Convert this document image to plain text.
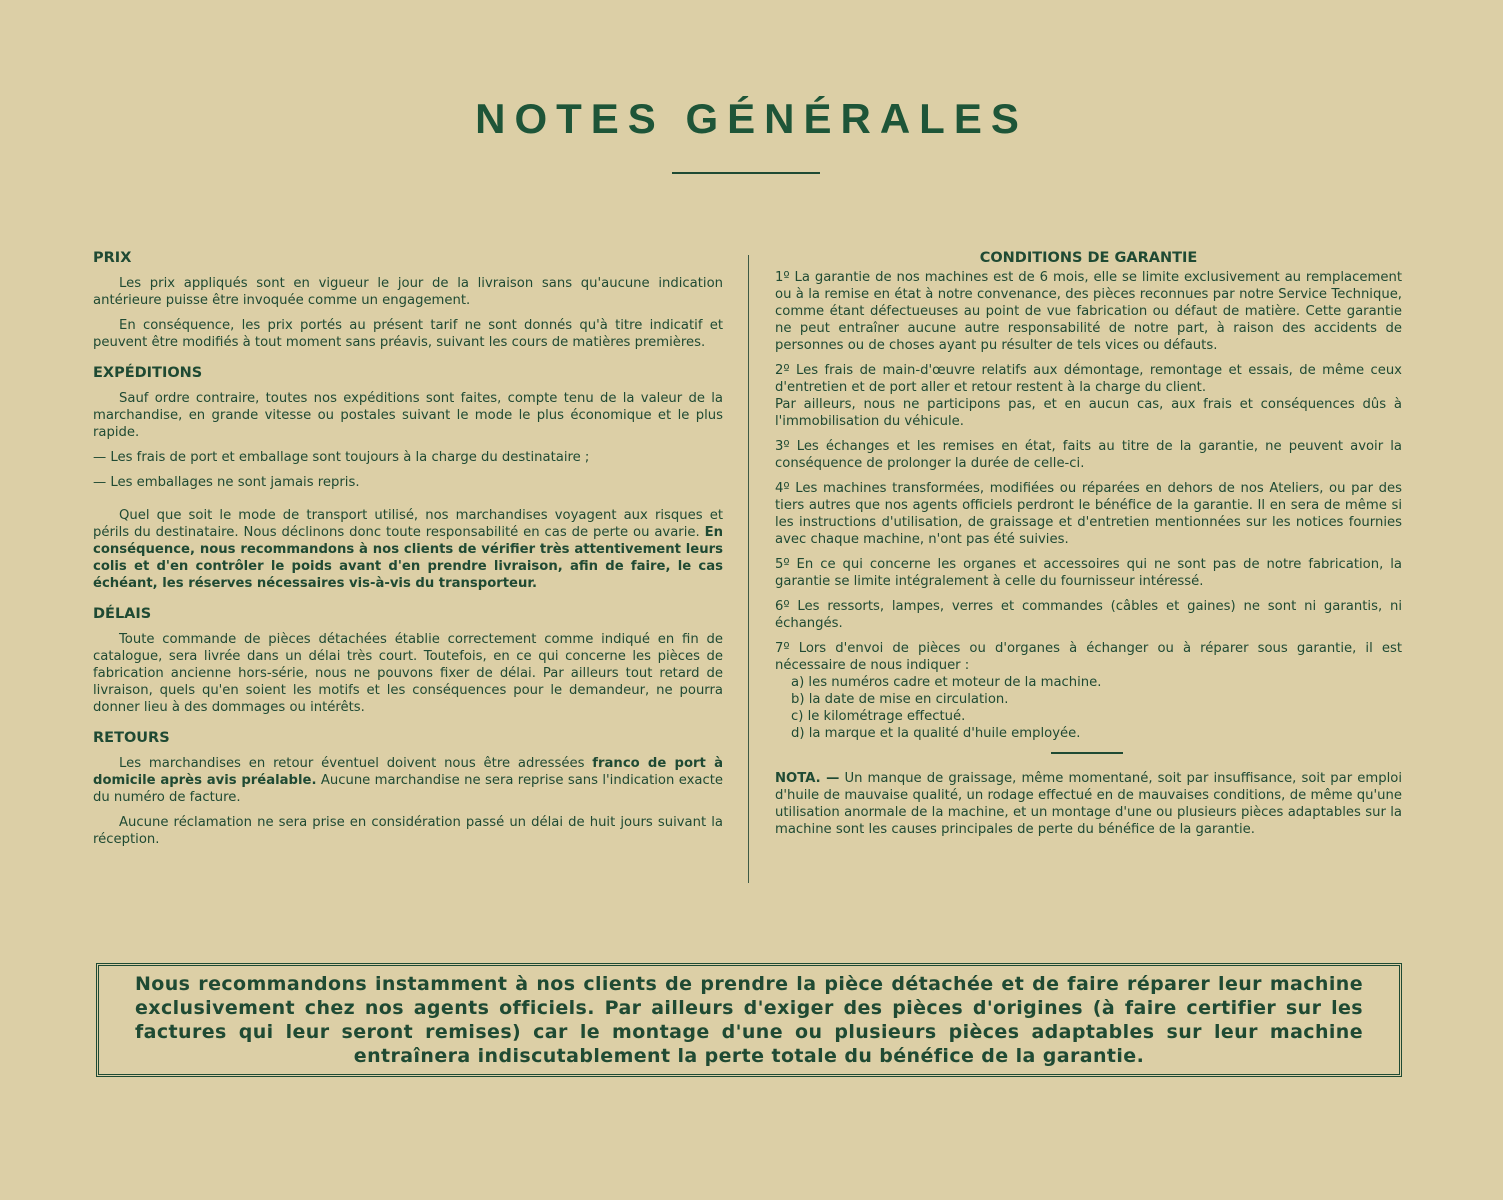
NOTES GÉNÉRALES
PRIX

Les prix appliqués sont en vigueur le jour de la livraison sans qu'aucune indication antérieure puisse être invoquée comme un engagement.

En conséquence, les prix portés au présent tarif ne sont donnés qu'à titre indicatif et peuvent être modifiés à tout moment sans préavis, suivant les cours de matières premières.

EXPÉDITIONS

Sauf ordre contraire, toutes nos expéditions sont faites, compte tenu de la valeur de la marchandise, en grande vitesse ou postales suivant le mode le plus économique et le plus rapide.

— Les frais de port et emballage sont toujours à la charge du destinataire ;

— Les emballages ne sont jamais repris.

Quel que soit le mode de transport utilisé, nos marchandises voyagent aux risques et périls du destinataire. Nous déclinons donc toute responsabilité en cas de perte ou avarie. En conséquence, nous recommandons à nos clients de vérifier très attentivement leurs colis et d'en contrôler le poids avant d'en prendre livraison, afin de faire, le cas échéant, les réserves nécessaires vis-à-vis du transporteur.

DÉLAIS

Toute commande de pièces détachées établie correctement comme indiqué en fin de catalogue, sera livrée dans un délai très court. Toutefois, en ce qui concerne les pièces de fabrication ancienne hors-série, nous ne pouvons fixer de délai. Par ailleurs tout retard de livraison, quels qu'en soient les motifs et les conséquences pour le demandeur, ne pourra donner lieu à des dommages ou intérêts.

RETOURS

Les marchandises en retour éventuel doivent nous être adressées franco de port à domicile après avis préalable. Aucune marchandise ne sera reprise sans l'indication exacte du numéro de facture.

Aucune réclamation ne sera prise en considération passé un délai de huit jours suivant la réception.

CONDITIONS DE GARANTIE

1º La garantie de nos machines est de 6 mois, elle se limite exclusivement au remplacement ou à la remise en état à notre convenance, des pièces reconnues par notre Service Technique, comme étant défectueuses au point de vue fabrication ou défaut de matière. Cette garantie ne peut entraîner aucune autre responsabilité de notre part, à raison des accidents de personnes ou de choses ayant pu résulter de tels vices ou défauts.

2º Les frais de main-d'œuvre relatifs aux démontage, remontage et essais, de même ceux d'entretien et de port aller et retour restent à la charge du client.

Par ailleurs, nous ne participons pas, et en aucun cas, aux frais et conséquences dûs à l'immobilisation du véhicule.

3º Les échanges et les remises en état, faits au titre de la garantie, ne peuvent avoir la conséquence de prolonger la durée de celle-ci.

4º Les machines transformées, modifiées ou réparées en dehors de nos Ateliers, ou par des tiers autres que nos agents officiels perdront le bénéfice de la garantie. Il en sera de même si les instructions d'utilisation, de graissage et d'entretien mentionnées sur les notices fournies avec chaque machine, n'ont pas été suivies.

5º En ce qui concerne les organes et accessoires qui ne sont pas de notre fabrication, la garantie se limite intégralement à celle du fournisseur intéressé.

6º Les ressorts, lampes, verres et commandes (câbles et gaines) ne sont ni garantis, ni échangés.

7º Lors d'envoi de pièces ou d'organes à échanger ou à réparer sous garantie, il est nécessaire de nous indiquer :

a) les numéros cadre et moteur de la machine.

b) la date de mise en circulation.

c) le kilométrage effectué.

d) la marque et la qualité d'huile employée.

NOTA. — Un manque de graissage, même momentané, soit par insuffisance, soit par emploi d'huile de mauvaise qualité, un rodage effectué en de mauvaises conditions, de même qu'une utilisation anormale de la machine, et un montage d'une ou plusieurs pièces adaptables sur la machine sont les causes principales de perte du bénéfice de la garantie.

Nous recommandons instamment à nos clients de prendre la pièce détachée et de faire réparer leur machine exclusivement chez nos agents officiels. Par ailleurs d'exiger des pièces d'origines (à faire certifier sur les factures qui leur seront remises) car le montage d'une ou plusieurs pièces adaptables sur leur machine entraînera indiscutablement la perte totale du bénéfice de la garantie.
